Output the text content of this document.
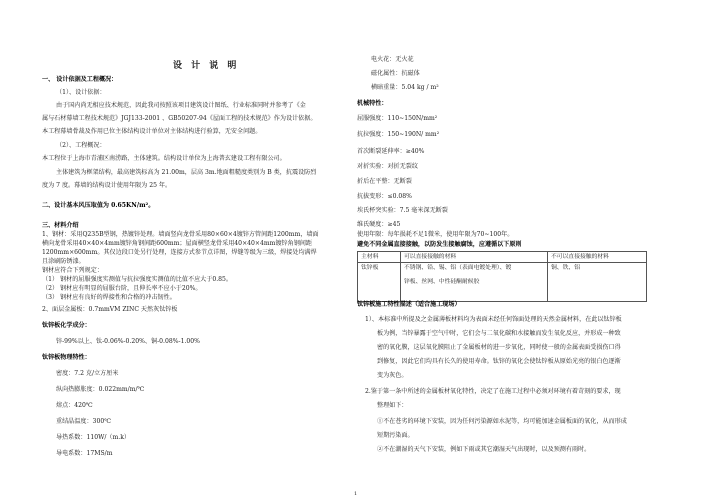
设 计 说 明
一、 设计依据及工程概况：
（1）、设计依据：
由于国内尚无相应技术规范，因此我司按照该项目建筑设计图纸、行业标准同时并参考了《金
属与石材幕墙工程技术规范》JGJ133-2001 、GB50207-94《屋面工程的技术规范》作为设计依据。
本工程幕墙骨裁及作用已位主体结构设计单位对主体结构进行验算，无安全问题。
（2）、工程概况：
本工程位于上海市青浦区南涝路，主体建筑。结构设计单位为上海普玄建设工程有限公司。
主体建筑为框架结构，最高建筑标高为 21.00m，层高 3m.地面粗糙度类别为 B 类，抗震设防烈
度为 7 度。幕墙的结构设计使用年限为 25 年。
二、设计基本风压取值为 0.65KN/m²。
三、材料介绍
1、钢材：采用Q235B型钢，热镀锌处理。墙面竖向龙骨采用80×60×4镀锌方管间距1200mm，墙面
横向龙骨采用40×40×4mm镀锌角钢间距600mm；屋面横竖龙骨采用40×40×4mm镀锌角钢间距
1200mm×600mm。其仅边段口处另行处理，连接方式参节点详图，焊缝等级为三级，焊接处均满焊
且涂刷防锈漆。
钢材应符合下列规定：
（1） 钢材的屈服强度实测值与抗拉强度实测值的比值不应大于0.85。
（2） 钢材应有明显的屈服台阶，且伸长率不应小于20%。
（3） 钢材应有良好的焊接性和合格的冲击韧性。
2、面层金属板：0.7mmVM ZINC 天然灰钛锌板
钛锌板化学成分：
锌-99%以上、钛-0.06%-0.20%、铜-0.08%-1.00%
钛锌板物理特性：
密度：7.2 克/立方厘米
纵向热膨胀度：0.022mm/m/℃
熔点：420℃
重结晶温度：300℃
导热系数：110W/（m.k）
导电系数：17MS/m
电火花：无火花
磁化属性：抗磁体
横暗重量：5.04 kg / m²
机械特性：
屈服强度：110~150N/mm²
抗拉强度：150~190N/ mm²
首次断裂延伸率：≥40%
对折实验：对折无裂纹
折后在平整：无断裂
抗拔变形：≤0.08%
埃氏杯突实验：7.5 毫米深无断裂
维氏硬度：≥45
使用年限：每年损耗不足1微米，使用年限为70~100年。
避免不同金属直接接触，以防发生接触腐蚀，应遵循以下原则
主材料	可以直接接触的材料	不可以直接接触的材料
钛锌板	不锈钢、铅、锡、铝（表面电镀处理）、镀
锌板、丝网、中性硅酮耐候胶	铜、铁、铝
钛锌板施工特性描述（适合施工现场）
1）、本标准中所提及之金属薄板材料均为表面未经任何饰面处理的天然金属材料，在此以钛锌板
板为例，当锌暴露于空气中时，它们会与二氧化碳和水接触而发生氧化反应，并形成一种致
密的氧化膜，这层氧化膜阻止了金属板材的进一步氧化，同时使一般的金属表面受损伤口得
到修复，因此它们均具有长久的使用寿命。钛锌的氧化会使钛锌板从原始光亮的银白色逐渐
变为灰色。
2.鉴于第一条中所述的金属板材氧化特性，决定了在施工过程中必须对环境有着苛刻的要求，现
整理如下：
①不在苍劣的环境下安装，因为任何污染源如水泥等，均可能加速金属板面的氧化，从而形成
短期污染面。
②不在潮湿的天气下安装，例如下雨或其它潮湿天气出现时，以及预测有雨时。
1
